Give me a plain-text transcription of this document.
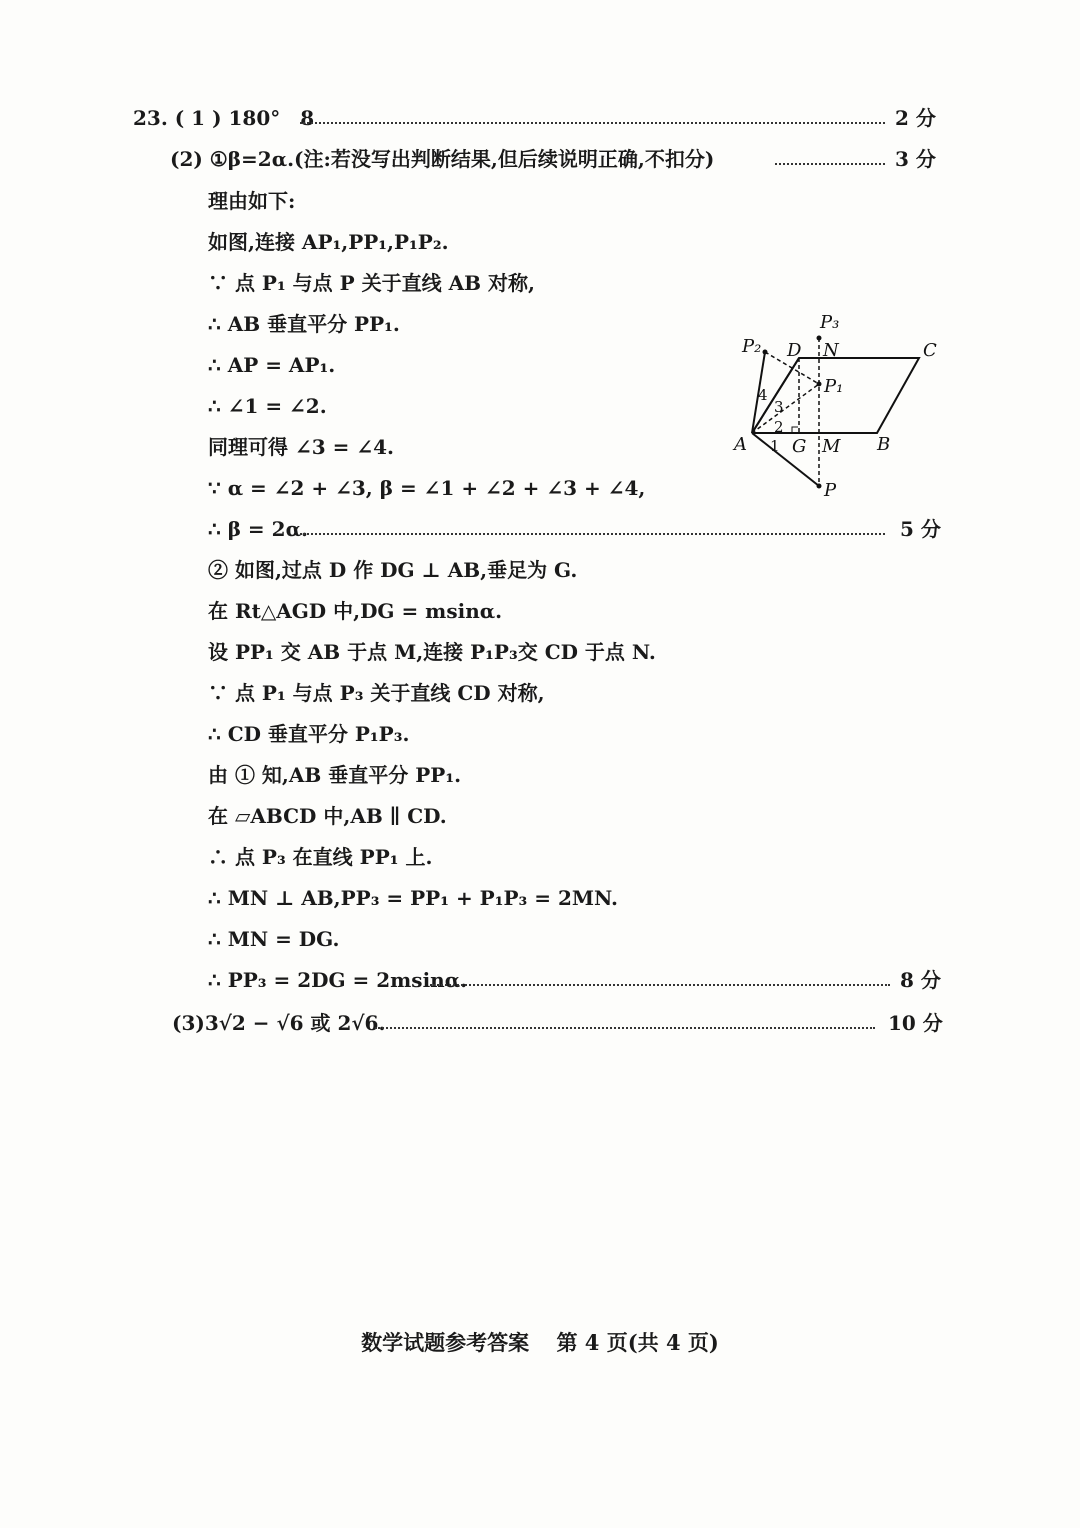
23. ( 1 ) 180°　8	2 分
(2) ①β=2α.(注:若没写出判断结果,但后续说明正确,不扣分)	3 分
理由如下:
如图,连接 AP₁,PP₁,P₁P₂.
∵ 点 P₁ 与点 P 关于直线 AB 对称,
∴ AB 垂直平分 PP₁.
∴ AP = AP₁.
∴ ∠1 = ∠2.
同理可得 ∠3 = ∠4.
∵ α = ∠2 + ∠3, β = ∠1 + ∠2 + ∠3 + ∠4,
∴ β = 2α.	5 分
② 如图,过点 D 作 DG ⊥ AB,垂足为 G.
在 Rt△AGD 中,DG = msinα.
设 PP₁ 交 AB 于点 M,连接 P₁P₃交 CD 于点 N.
∵ 点 P₁ 与点 P₃ 关于直线 CD 对称,
∴ CD 垂直平分 P₁P₃.
由 ① 知,AB 垂直平分 PP₁.
在 ▱ABCD 中,AB ∥ CD.
∴ 点 P₃ 在直线 PP₁ 上.
∴ MN ⊥ AB,PP₃ = PP₁ + P₁P₃ = 2MN.
∴ MN = DG.
∴ PP₃ = 2DG = 2msinα.	8 分
(3)3√2 − √6 或 2√6.	10 分
P₃
P₂ D N	C
P₁
A	G M B
P
1
2
3
4
数学试题参考答案 第 4 页(共 4 页)
